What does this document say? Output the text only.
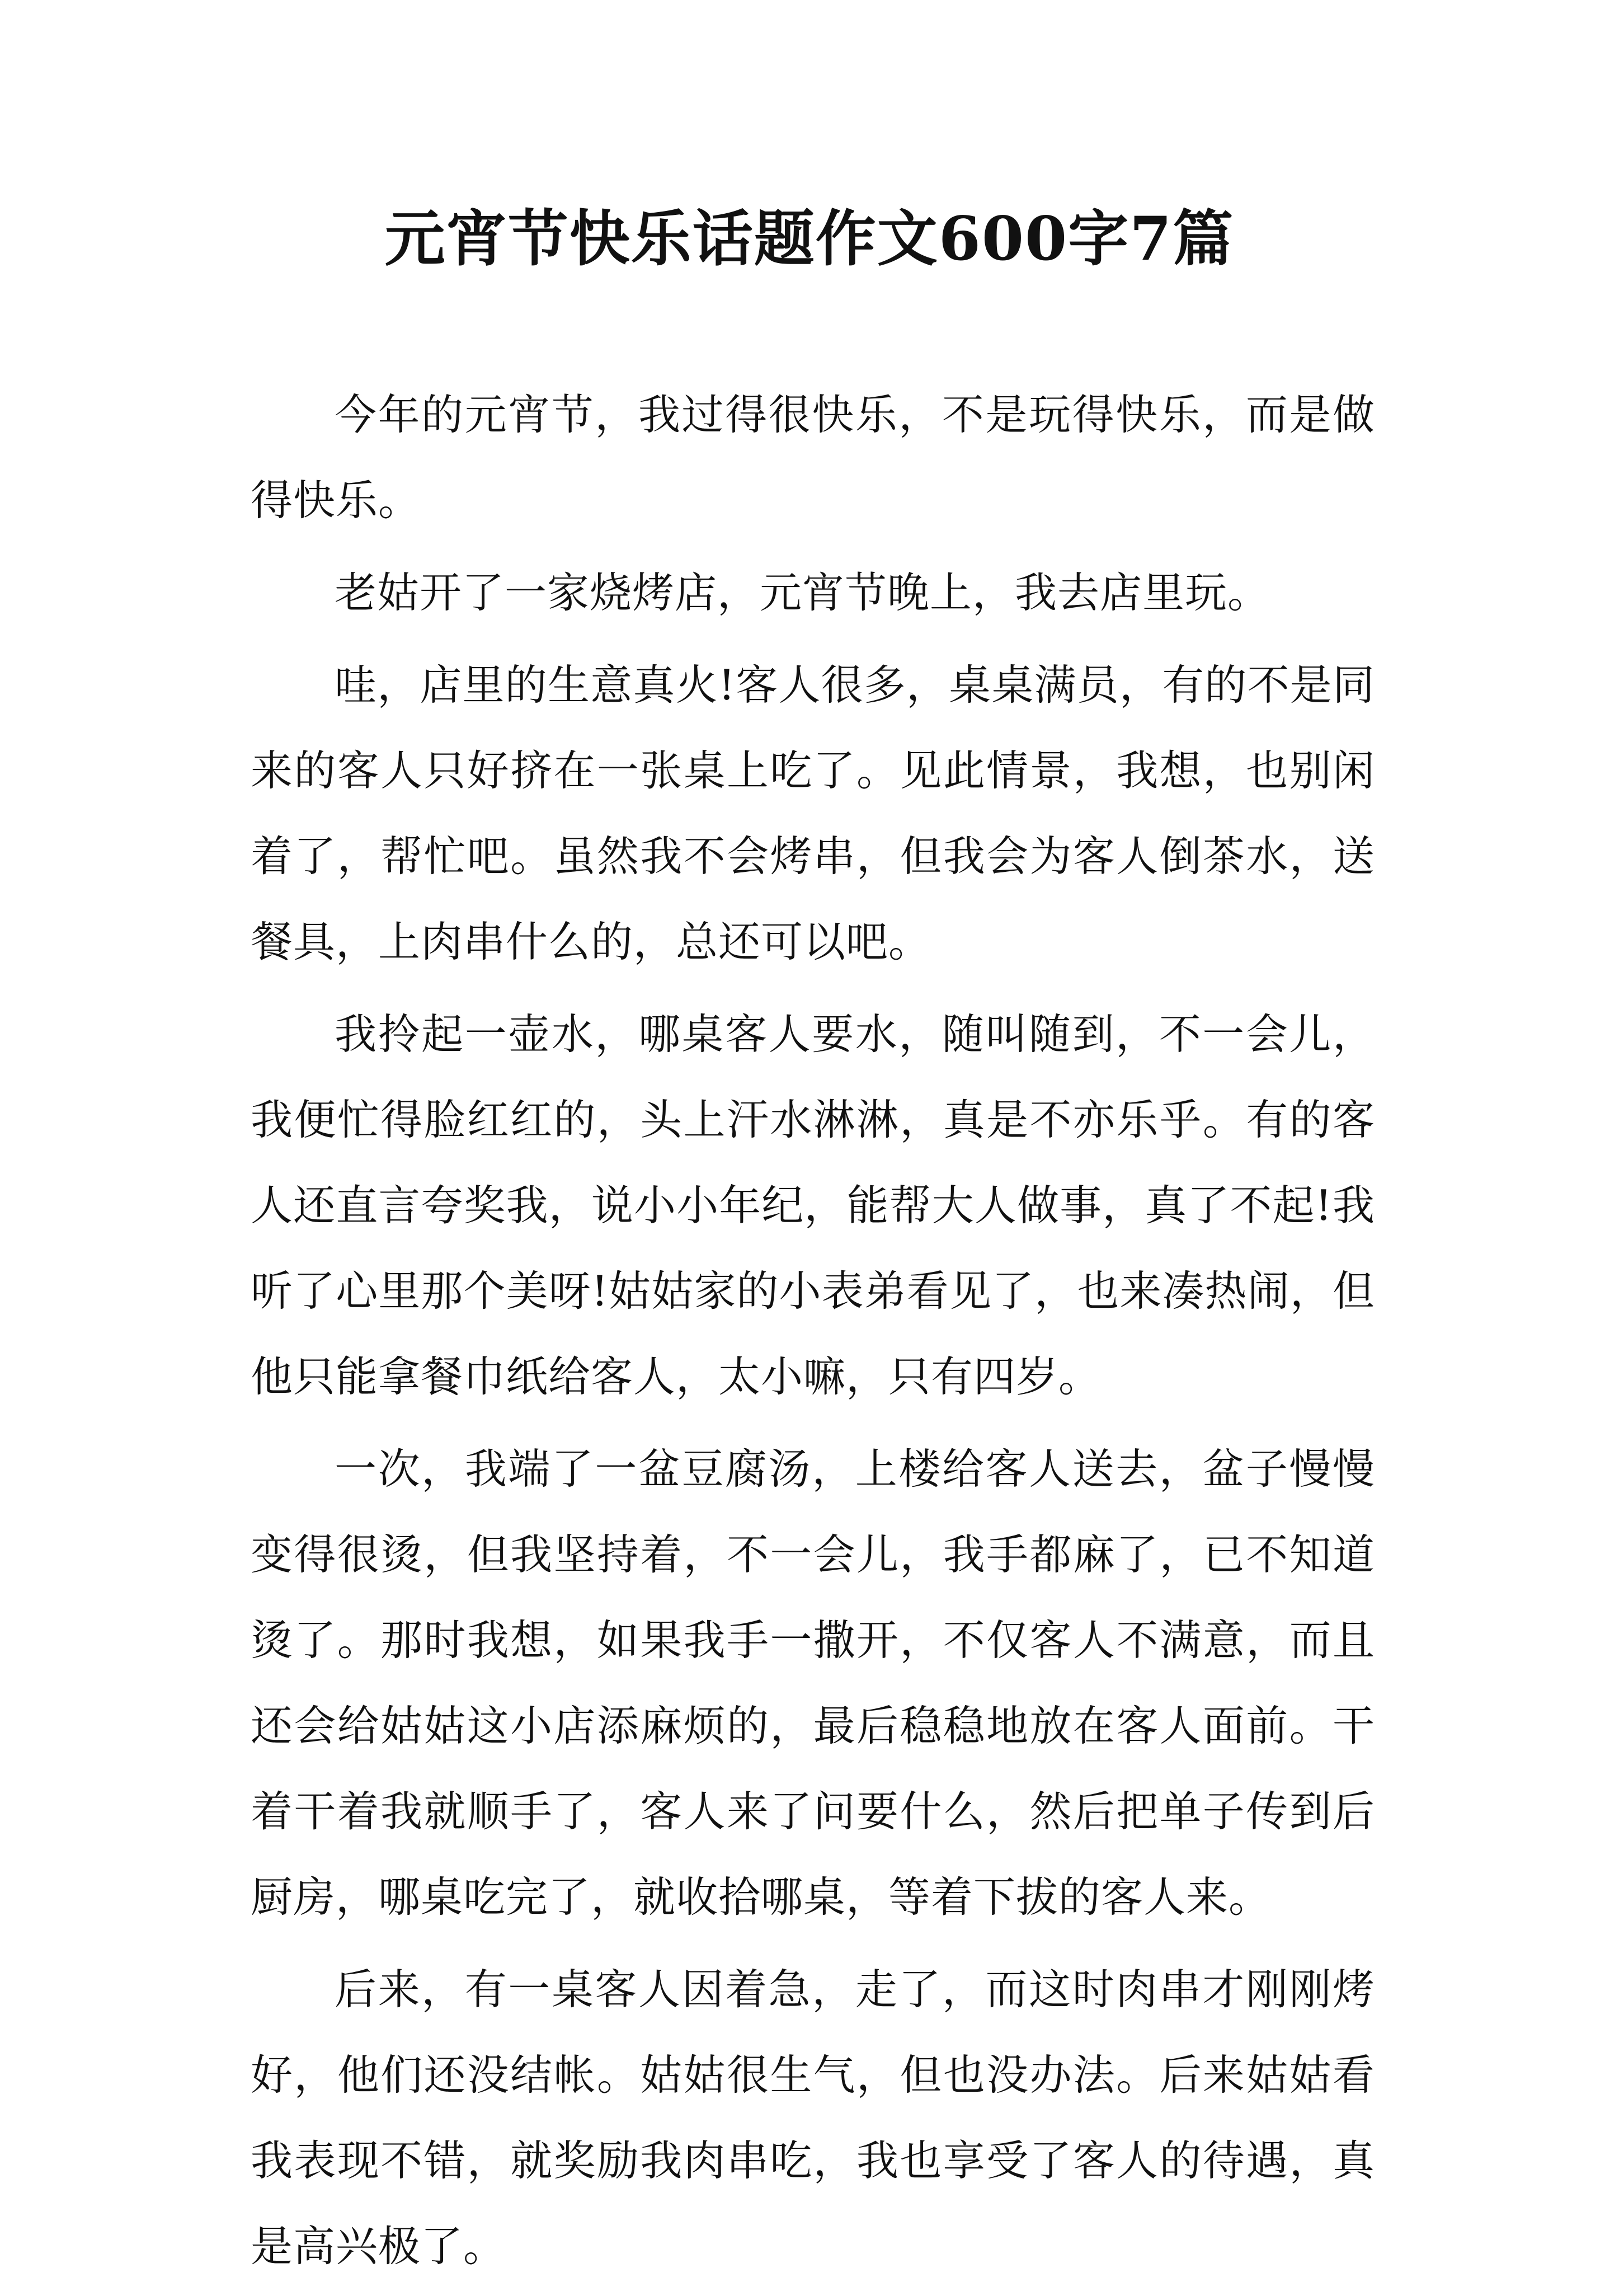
元宵节快乐话题作文600字7篇

今年的元宵节，我过得很快乐，不是玩得快乐，而是做得快乐。

老姑开了一家烧烤店，元宵节晚上，我去店里玩。

哇，店里的生意真火!客人很多，桌桌满员，有的不是同来的客人只好挤在一张桌上吃了。见此情景，我想，也别闲着了，帮忙吧。虽然我不会烤串，但我会为客人倒茶水，送餐具，上肉串什么的，总还可以吧。

我拎起一壶水，哪桌客人要水，随叫随到，不一会儿，我便忙得脸红红的，头上汗水淋淋，真是不亦乐乎。有的客人还直言夸奖我，说小小年纪，能帮大人做事，真了不起!我听了心里那个美呀!姑姑家的小表弟看见了，也来凑热闹，但他只能拿餐巾纸给客人，太小嘛，只有四岁。

一次，我端了一盆豆腐汤，上楼给客人送去，盆子慢慢变得很烫，但我坚持着，不一会儿，我手都麻了，已不知道烫了。那时我想，如果我手一撒开，不仅客人不满意，而且还会给姑姑这小店添麻烦的，最后稳稳地放在客人面前。干着干着我就顺手了，客人来了问要什么，然后把单子传到后厨房，哪桌吃完了，就收拾哪桌，等着下拔的客人来。

后来，有一桌客人因着急，走了，而这时肉串才刚刚烤好，他们还没结帐。姑姑很生气，但也没办法。后来姑姑看我表现不错，就奖励我肉串吃，我也享受了客人的待遇，真是高兴极了。
